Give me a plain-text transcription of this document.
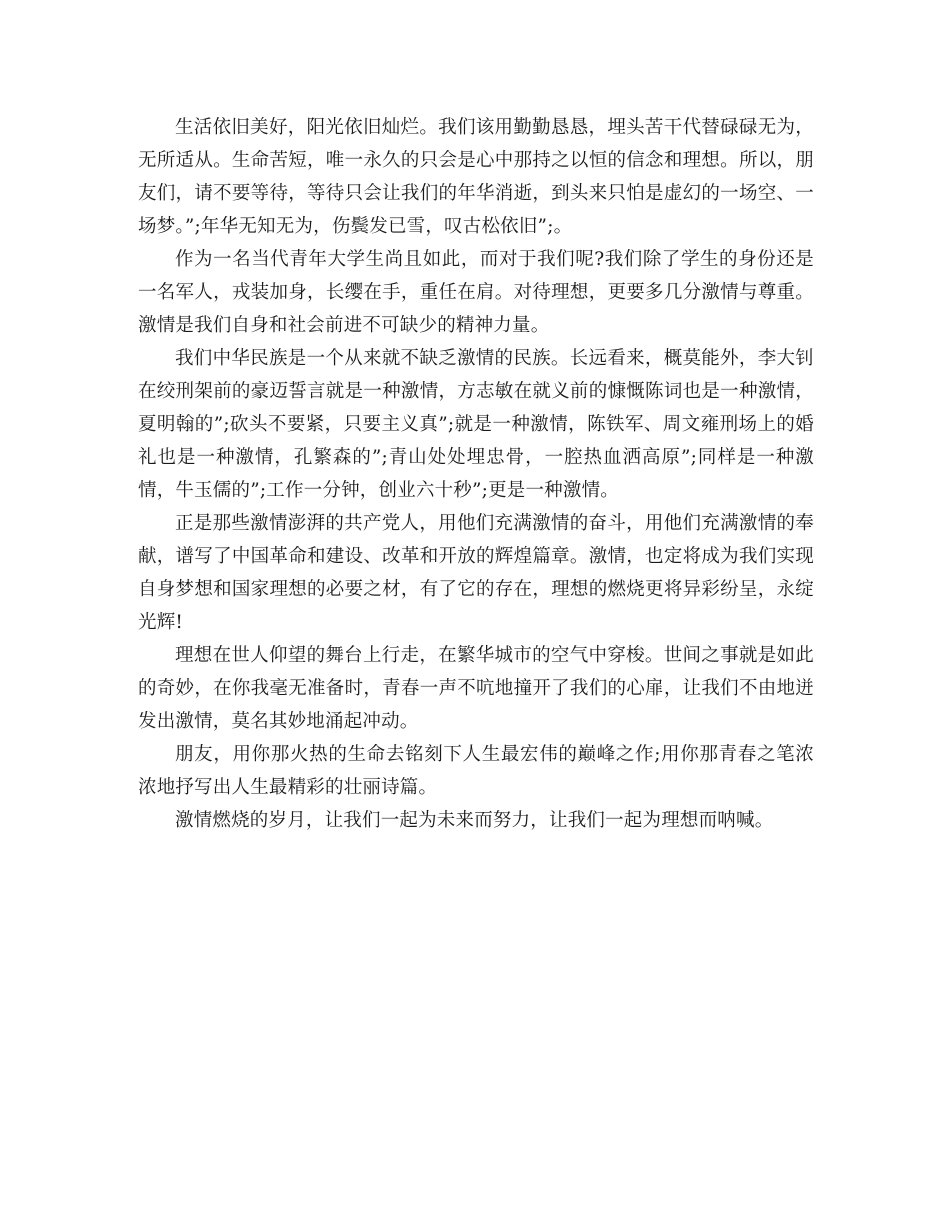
生活依旧美好，阳光依旧灿烂。我们该用勤勤恳恳，埋头苦干代替碌碌无为，无所适从。生命苦短，唯一永久的只会是心中那持之以恒的信念和理想。所以，朋友们，请不要等待，等待只会让我们的年华消逝，到头来只怕是虚幻的一场空、一场梦。”;年华无知无为，伤鬓发已雪，叹古松依旧”;。

作为一名当代青年大学生尚且如此，而对于我们呢?我们除了学生的身份还是一名军人，戎装加身，长缨在手，重任在肩。对待理想，更要多几分激情与尊重。激情是我们自身和社会前进不可缺少的精神力量。

我们中华民族是一个从来就不缺乏激情的民族。长远看来，概莫能外，李大钊在绞刑架前的豪迈誓言就是一种激情，方志敏在就义前的慷慨陈词也是一种激情，夏明翰的”;砍头不要紧，只要主义真”;就是一种激情，陈铁军、周文雍刑场上的婚礼也是一种激情，孔繁森的”;青山处处埋忠骨，一腔热血洒高原”;同样是一种激情，牛玉儒的”;工作一分钟，创业六十秒”;更是一种激情。

正是那些激情澎湃的共产党人，用他们充满激情的奋斗，用他们充满激情的奉献，谱写了中国革命和建设、改革和开放的辉煌篇章。激情，也定将成为我们实现自身梦想和国家理想的必要之材，有了它的存在，理想的燃烧更将异彩纷呈，永绽光辉!

理想在世人仰望的舞台上行走，在繁华城市的空气中穿梭。世间之事就是如此的奇妙，在你我毫无准备时，青春一声不吭地撞开了我们的心扉，让我们不由地迸发出激情，莫名其妙地涌起冲动。

朋友，用你那火热的生命去铭刻下人生最宏伟的巅峰之作;用你那青春之笔浓浓地抒写出人生最精彩的壮丽诗篇。

激情燃烧的岁月，让我们一起为未来而努力，让我们一起为理想而呐喊。
